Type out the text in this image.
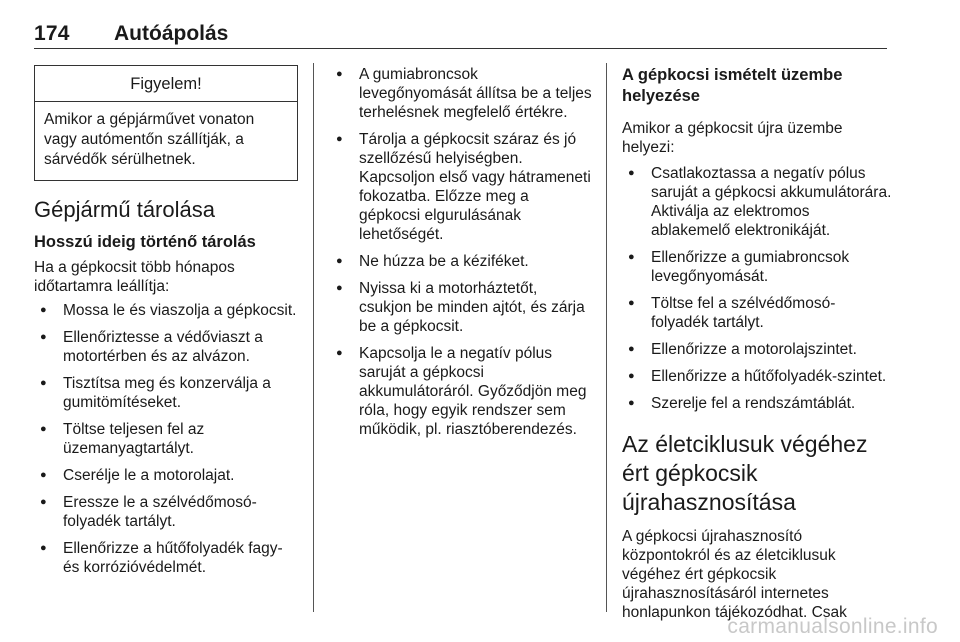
174 Autóápolás
Figyelem!
Amikor a gépjárművet vonaton vagy autómentőn szállítják, a sárvédők sérülhetnek.
Gépjármű tárolása
Hosszú ideig történő tárolás

Ha a gépkocsit több hónapos időtartamra leállítja:

● Mossa le és viaszolja a gépkocsit.
● Ellenőriztesse a védőviaszt a motortérben és az alvázon.
● Tisztítsa meg és konzerválja a gumitömítéseket.
● Töltse teljesen fel az üzemanyagtartályt.
● Cserélje le a motorolajat.
● Eressze le a szélvédőmosó-folyadék tartályt.
● Ellenőrizze a hűtőfolyadék fagy- és korrózióvédelmét.
● A gumiabroncsok levegőnyomását állítsa be a teljes terhelésnek megfelelő értékre.
● Tárolja a gépkocsit száraz és jó szellőzésű helyiségben. Kapcsoljon első vagy hátrameneti fokozatba. Előzze meg a gépkocsi elgurulásának lehetőségét.
● Ne húzza be a kéziféket.
● Nyissa ki a motorháztetőt, csukjon be minden ajtót, és zárja be a gépkocsit.
● Kapcsolja le a negatív pólus saruját a gépkocsi akkumulátoráról. Győződjön meg róla, hogy egyik rendszer sem működik, pl. riasztóberendezés.
A gépkocsi ismételt üzembe helyezése

Amikor a gépkocsit újra üzembe helyezi:

● Csatlakoztassa a negatív pólus saruját a gépkocsi akkumulátorára. Aktiválja az elektromos ablakemelő elektronikáját.
● Ellenőrizze a gumiabroncsok levegőnyomását.
● Töltse fel a szélvédőmosó-folyadék tartályt.
● Ellenőrizze a motorolajszintet.
● Ellenőrizze a hűtőfolyadék-szintet.
● Szerelje fel a rendszámtáblát.
Az életciklusuk végéhez ért gépkocsik újrahasznosítása

A gépkocsi újrahasznosító központokról és az életciklusuk végéhez ért gépkocsik újrahasznosításáról internetes honlapunkon tájékozódhat. Csak

carmanualsonline.info
